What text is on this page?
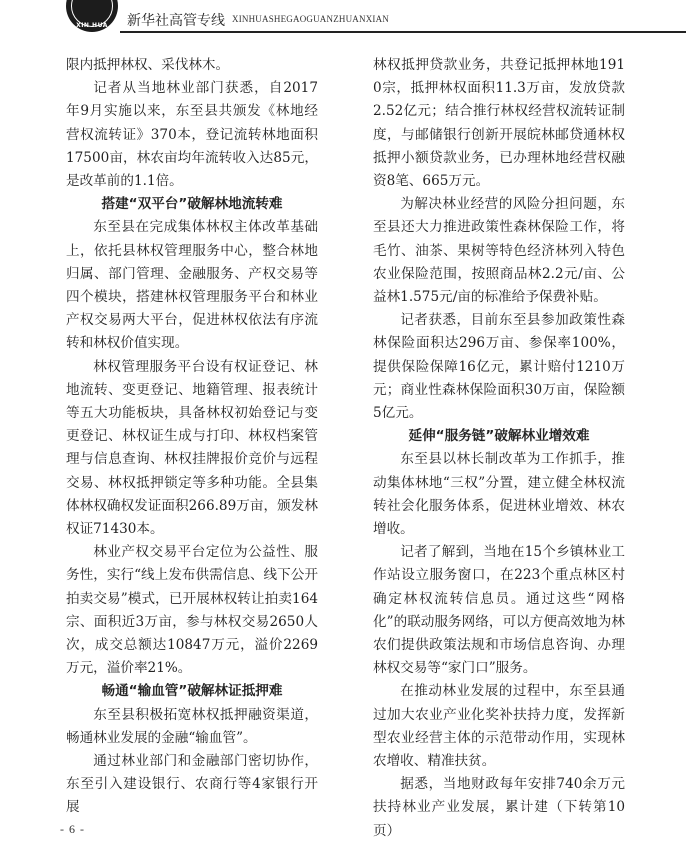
XIN HUA	新华社高管专线 XINHUASHEGAOGUANZHUANXIAN

限内抵押林权、采伐林木。

记者从当地林业部门获悉，自2017年9月实施以来，东至县共颁发《林地经营权流转证》370本，登记流转林地面积17500亩，林农亩均年流转收入达85元，是改革前的1.1倍。

搭建“双平台”破解林地流转难

东至县在完成集体林权主体改革基础上，依托县林权管理服务中心，整合林地归属、部门管理、金融服务、产权交易等四个模块，搭建林权管理服务平台和林业产权交易两大平台，促进林权依法有序流转和林权价值实现。

林权管理服务平台设有权证登记、林地流转、变更登记、地籍管理、报表统计等五大功能板块，具备林权初始登记与变更登记、林权证生成与打印、林权档案管理与信息查询、林权挂牌报价竞价与远程交易、林权抵押锁定等多种功能。全县集体林权确权发证面积266.89万亩，颁发林权证71430本。

林业产权交易平台定位为公益性、服务性，实行“线上发布供需信息、线下公开拍卖交易”模式，已开展林权转让拍卖164宗、面积近3万亩，参与林权交易2650人次，成交总额达10847万元，溢价2269万元，溢价率21%。

畅通“输血管”破解林证抵押难

东至县积极拓宽林权抵押融资渠道，畅通林业发展的金融“输血管”。

通过林业部门和金融部门密切协作，东至引入建设银行、农商行等4家银行开展

林权抵押贷款业务，共登记抵押林地1910宗，抵押林权面积11.3万亩，发放贷款2.52亿元；结合推行林权经营权流转证制度，与邮储银行创新开展皖林邮贷通林权抵押小额贷款业务，已办理林地经营权融资8笔、665万元。

为解决林业经营的风险分担问题，东至县还大力推进政策性森林保险工作，将毛竹、油茶、果树等特色经济林列入特色农业保险范围，按照商品林2.2元/亩、公益林1.575元/亩的标准给予保费补贴。

记者获悉，目前东至县参加政策性森林保险面积达296万亩、参保率100%，提供保险保障16亿元，累计赔付1210万元；商业性森林保险面积30万亩，保险额5亿元。

延伸“服务链”破解林业增效难

东至县以林长制改革为工作抓手，推动集体林地“三权”分置，建立健全林权流转社会化服务体系，促进林业增效、林农增收。

记者了解到，当地在15个乡镇林业工作站设立服务窗口，在223个重点林区村确定林权流转信息员。通过这些“网格化”的联动服务网络，可以方便高效地为林农们提供政策法规和市场信息咨询、办理林权交易等“家门口”服务。

在推动林业发展的过程中，东至县通过加大农业产业化奖补扶持力度，发挥新型农业经营主体的示范带动作用，实现林农增收、精准扶贫。

据悉，当地财政每年安排740余万元扶持林业产业发展，累计建（下转第10页）

- 6 -
